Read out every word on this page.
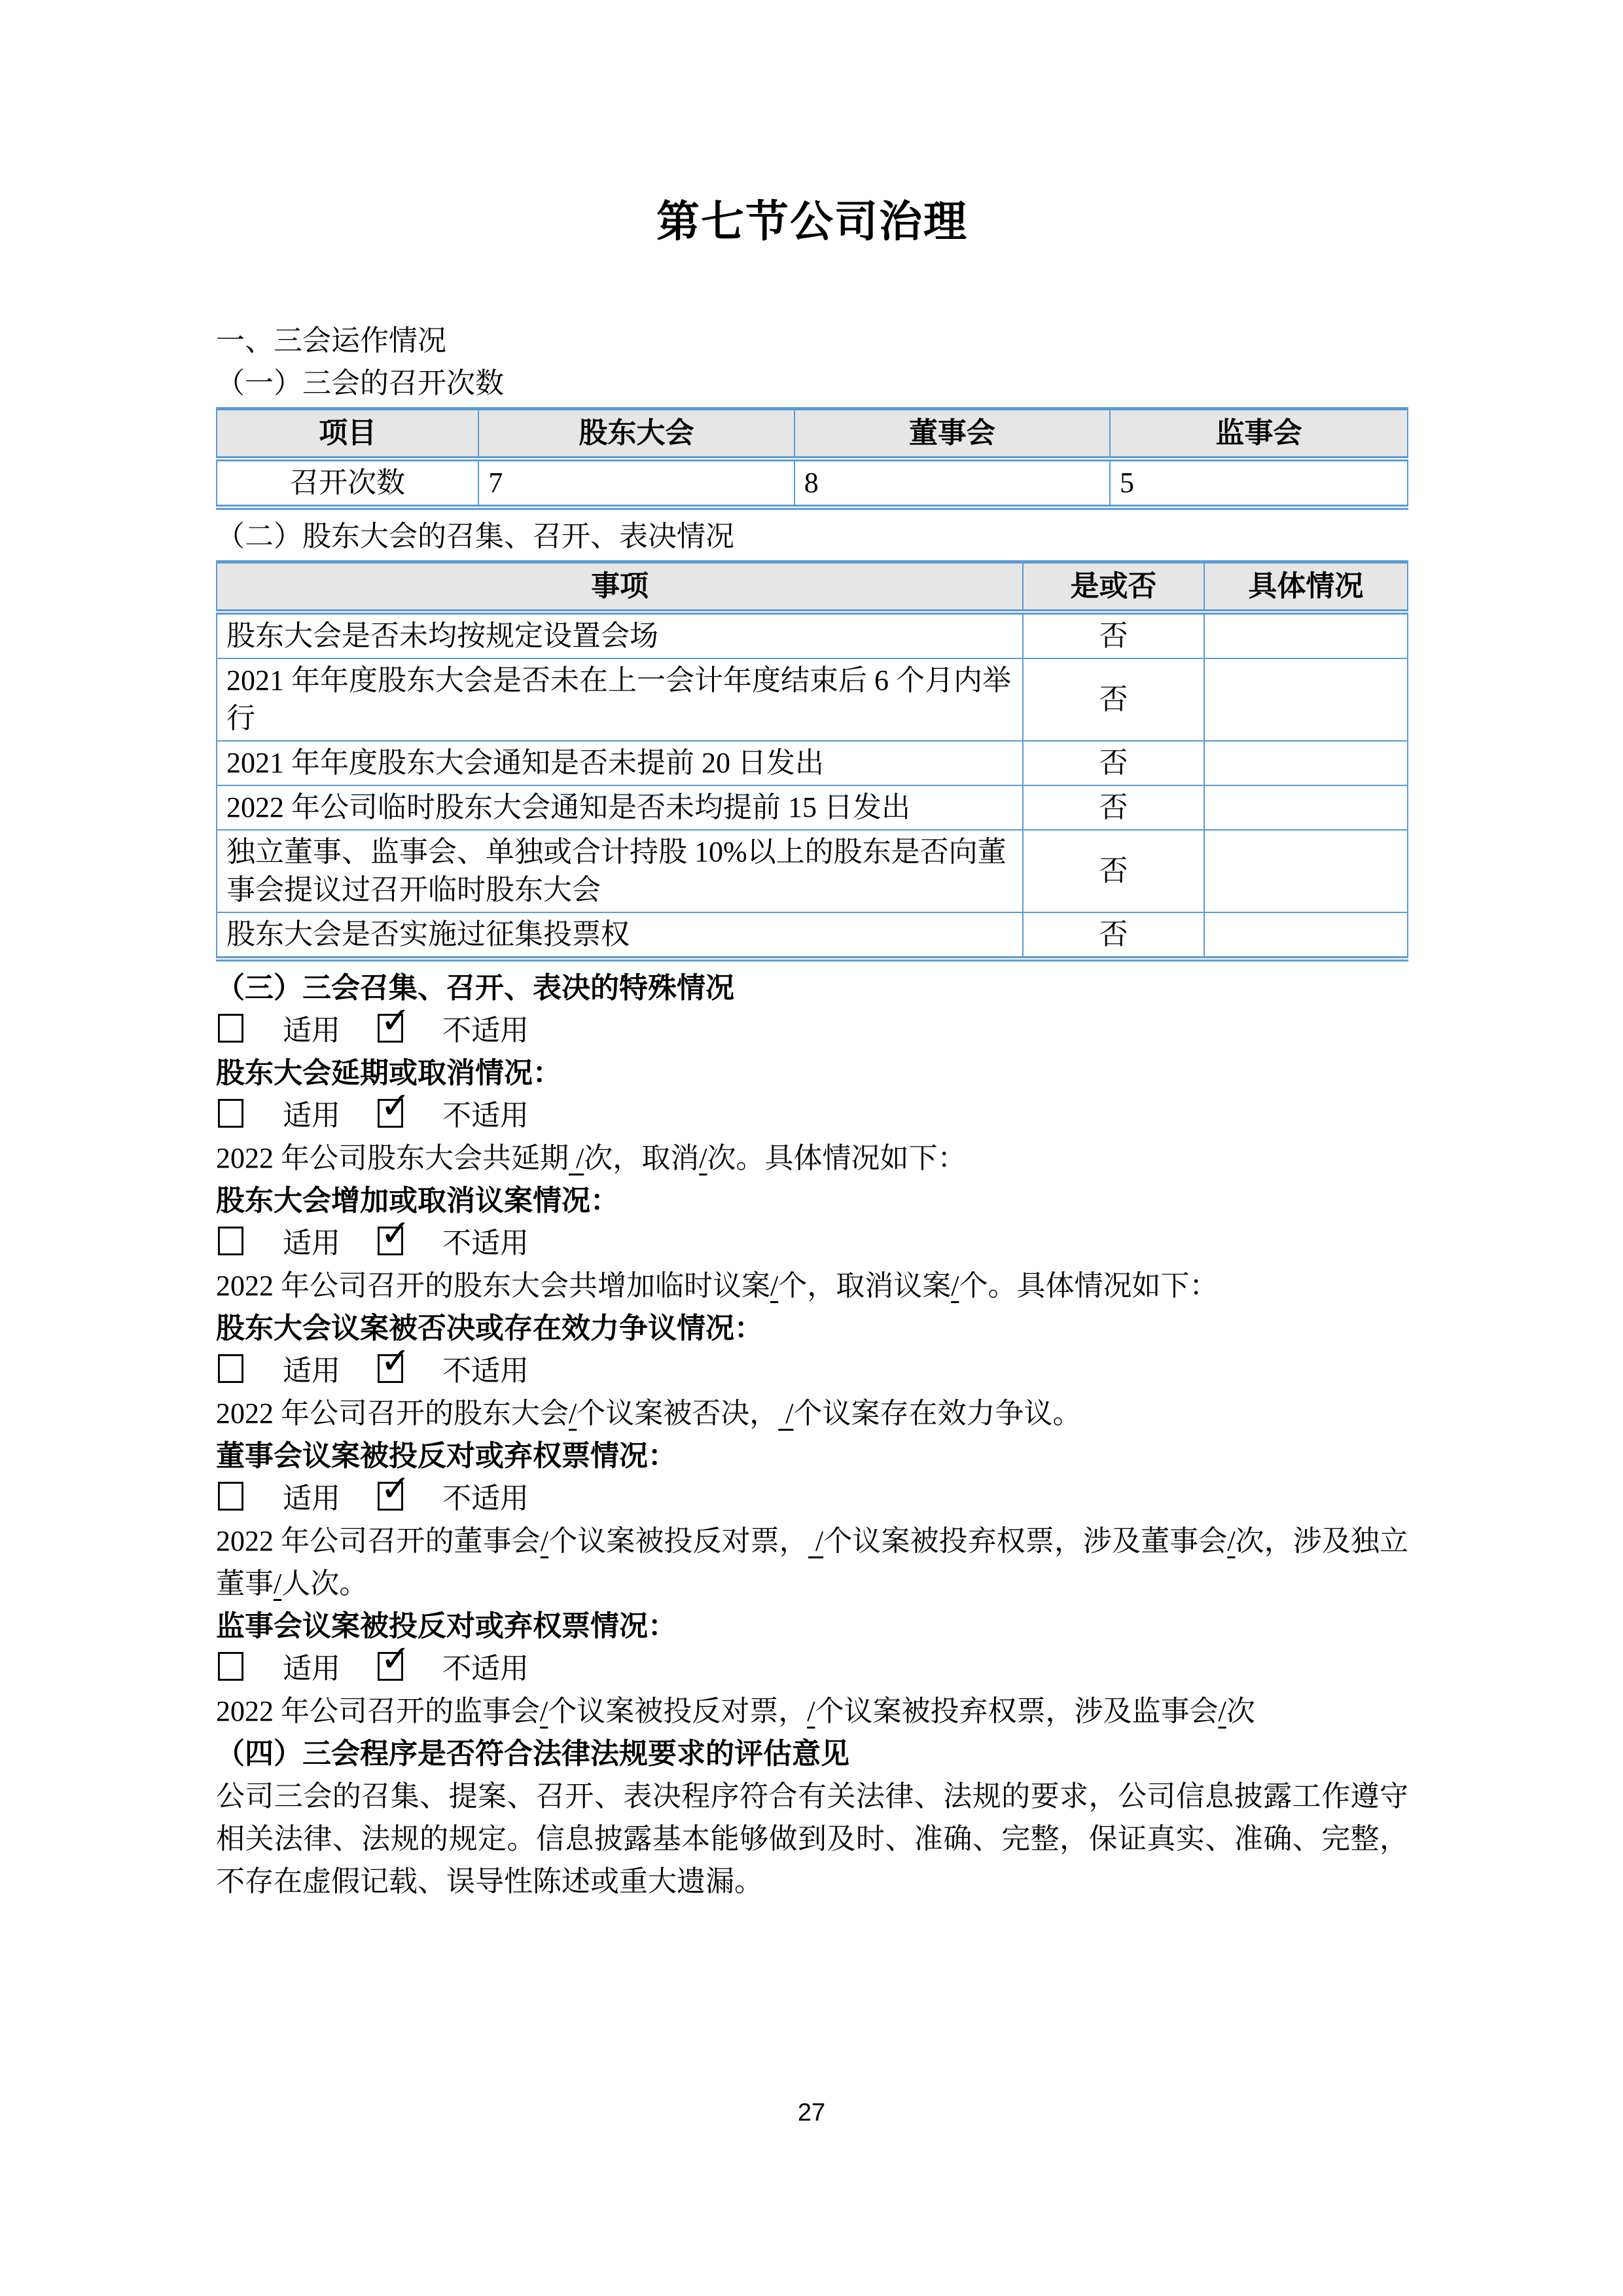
第七节公司治理

一、三会运作情况

（一）三会的召开次数

项目	股东大会	董事会	监事会
召开次数	7	8	5

（二）股东大会的召集、召开、表决情况

事项	是或否	具体情况
股东大会是否未均按规定设置会场	否	
2021 年年度股东大会是否未在上一会计年度结束后 6 个月内举行	否	
2021 年年度股东大会通知是否未提前 20 日发出	否	
2022 年公司临时股东大会通知是否未均提前 15 日发出	否	
独立董事、监事会、单独或合计持股 10%以上的股东是否向董事会提议过召开临时股东大会	否	
股东大会是否实施过征集投票权	否	

（三）三会召集、召开、表决的特殊情况

适用 ✓ 不适用

股东大会延期或取消情况：

适用 ✓ 不适用

2022 年公司股东大会共延期 /次，取消/次。具体情况如下：

股东大会增加或取消议案情况：

适用 ✓ 不适用

2022 年公司召开的股东大会共增加临时议案/个，取消议案/个。具体情况如下：

股东大会议案被否决或存在效力争议情况：

适用 ✓ 不适用

2022 年公司召开的股东大会/个议案被否决， /个议案存在效力争议。

董事会议案被投反对或弃权票情况：

适用 ✓ 不适用

2022 年公司召开的董事会/个议案被投反对票， /个议案被投弃权票，涉及董事会/次，涉及独立董事/人次。

监事会议案被投反对或弃权票情况：

适用 ✓ 不适用

2022 年公司召开的监事会/个议案被投反对票，/个议案被投弃权票，涉及监事会/次

（四）三会程序是否符合法律法规要求的评估意见

公司三会的召集、提案、召开、表决程序符合有关法律、法规的要求，公司信息披露工作遵守相关法律、法规的规定。信息披露基本能够做到及时、准确、完整，保证真实、准确、完整，不存在虚假记载、误导性陈述或重大遗漏。

27
